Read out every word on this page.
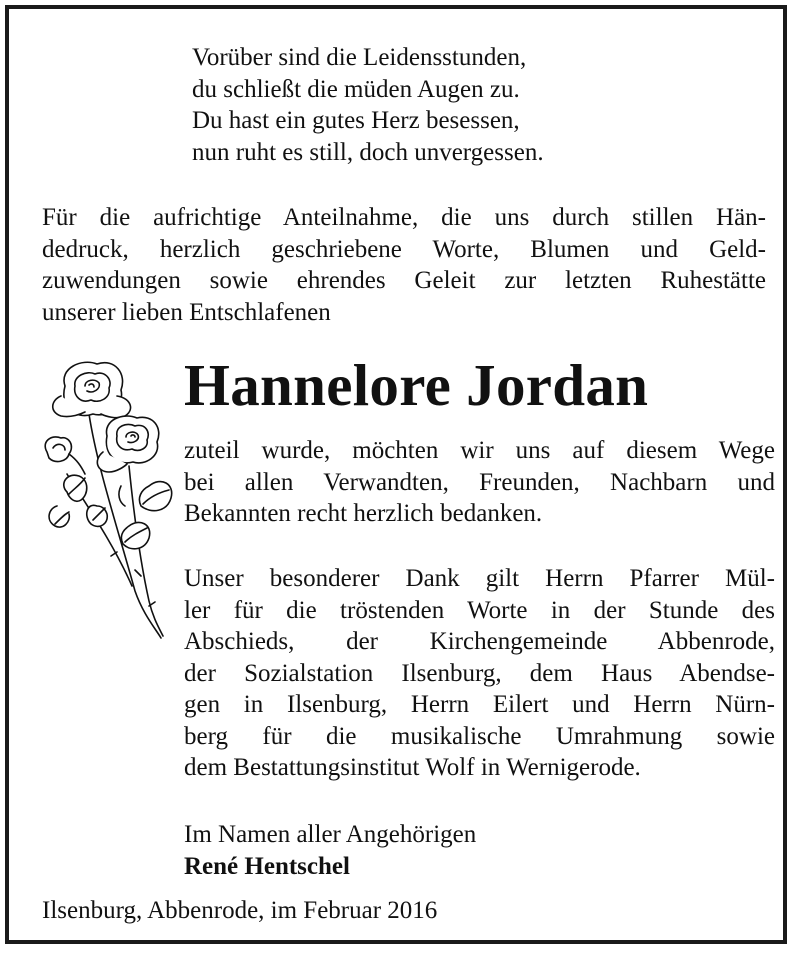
Vorüber sind die Leidensstunden,
du schließt die müden Augen zu.
Du hast ein gutes Herz besessen,
nun ruht es still, doch unvergessen.
Für die aufrichtige Anteilnahme, die uns durch stillen Hän-
dedruck, herzlich geschriebene Worte, Blumen und Geld-
zuwendungen sowie ehrendes Geleit zur letzten Ruhestätte
unserer lieben Entschlafenen
Hannelore Jordan
zuteil wurde, möchten wir uns auf diesem Wege
bei allen Verwandten, Freunden, Nachbarn und
Bekannten recht herzlich bedanken.
Unser besonderer Dank gilt Herrn Pfarrer Mül-
ler für die tröstenden Worte in der Stunde des
Abschieds, der Kirchengemeinde Abbenrode,
der Sozialstation Ilsenburg, dem Haus Abendse-
gen in Ilsenburg, Herrn Eilert und Herrn Nürn-
berg für die musikalische Umrahmung sowie
dem Bestattungsinstitut Wolf in Wernigerode.
Im Namen aller Angehörigen
René Hentschel
Ilsenburg, Abbenrode, im Februar 2016
